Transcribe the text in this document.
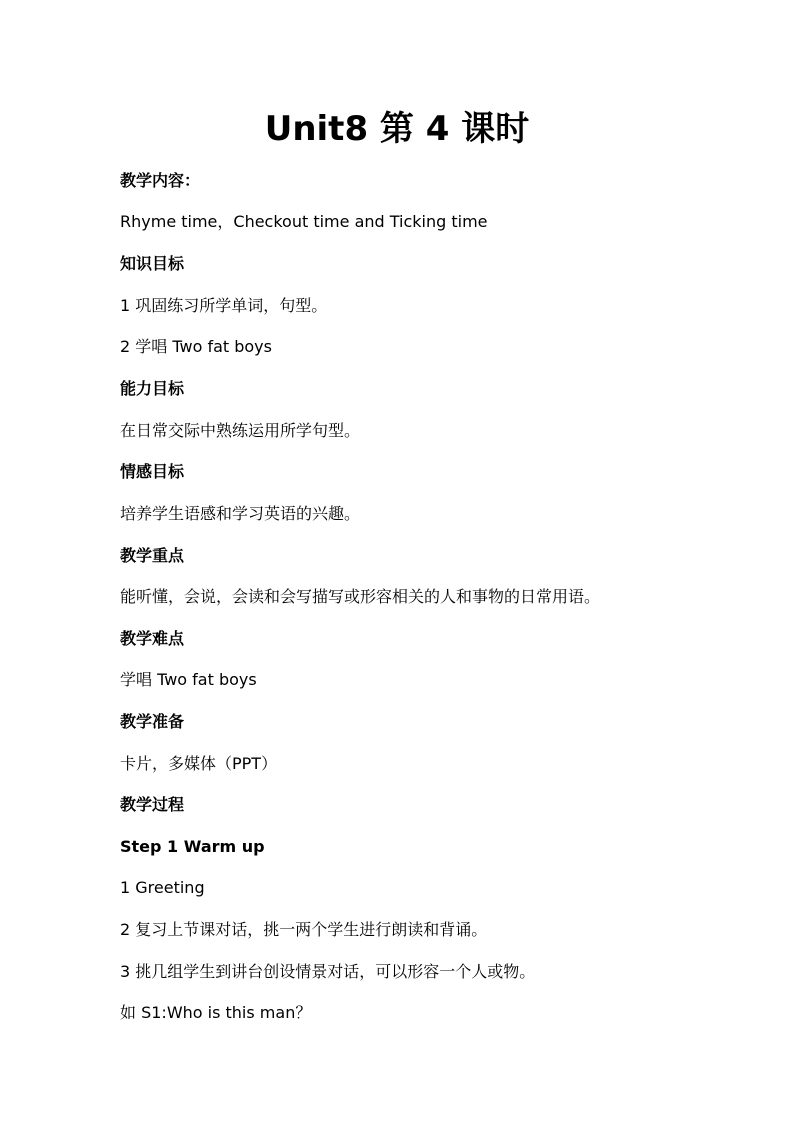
Unit8 第 4 课时
教学内容：
Rhyme time，Checkout time and Ticking time
知识目标
1 巩固练习所学单词，句型。
2 学唱 Two fat boys
能力目标
在日常交际中熟练运用所学句型。
情感目标
培养学生语感和学习英语的兴趣。
教学重点
能听懂，会说，会读和会写描写或形容相关的人和事物的日常用语。
教学难点
学唱 Two fat boys
教学准备
卡片，多媒体（PPT）
教学过程
Step 1 Warm up
1 Greeting
2 复习上节课对话，挑一两个学生进行朗读和背诵。
3 挑几组学生到讲台创设情景对话，可以形容一个人或物。
如 S1:Who is this man？
